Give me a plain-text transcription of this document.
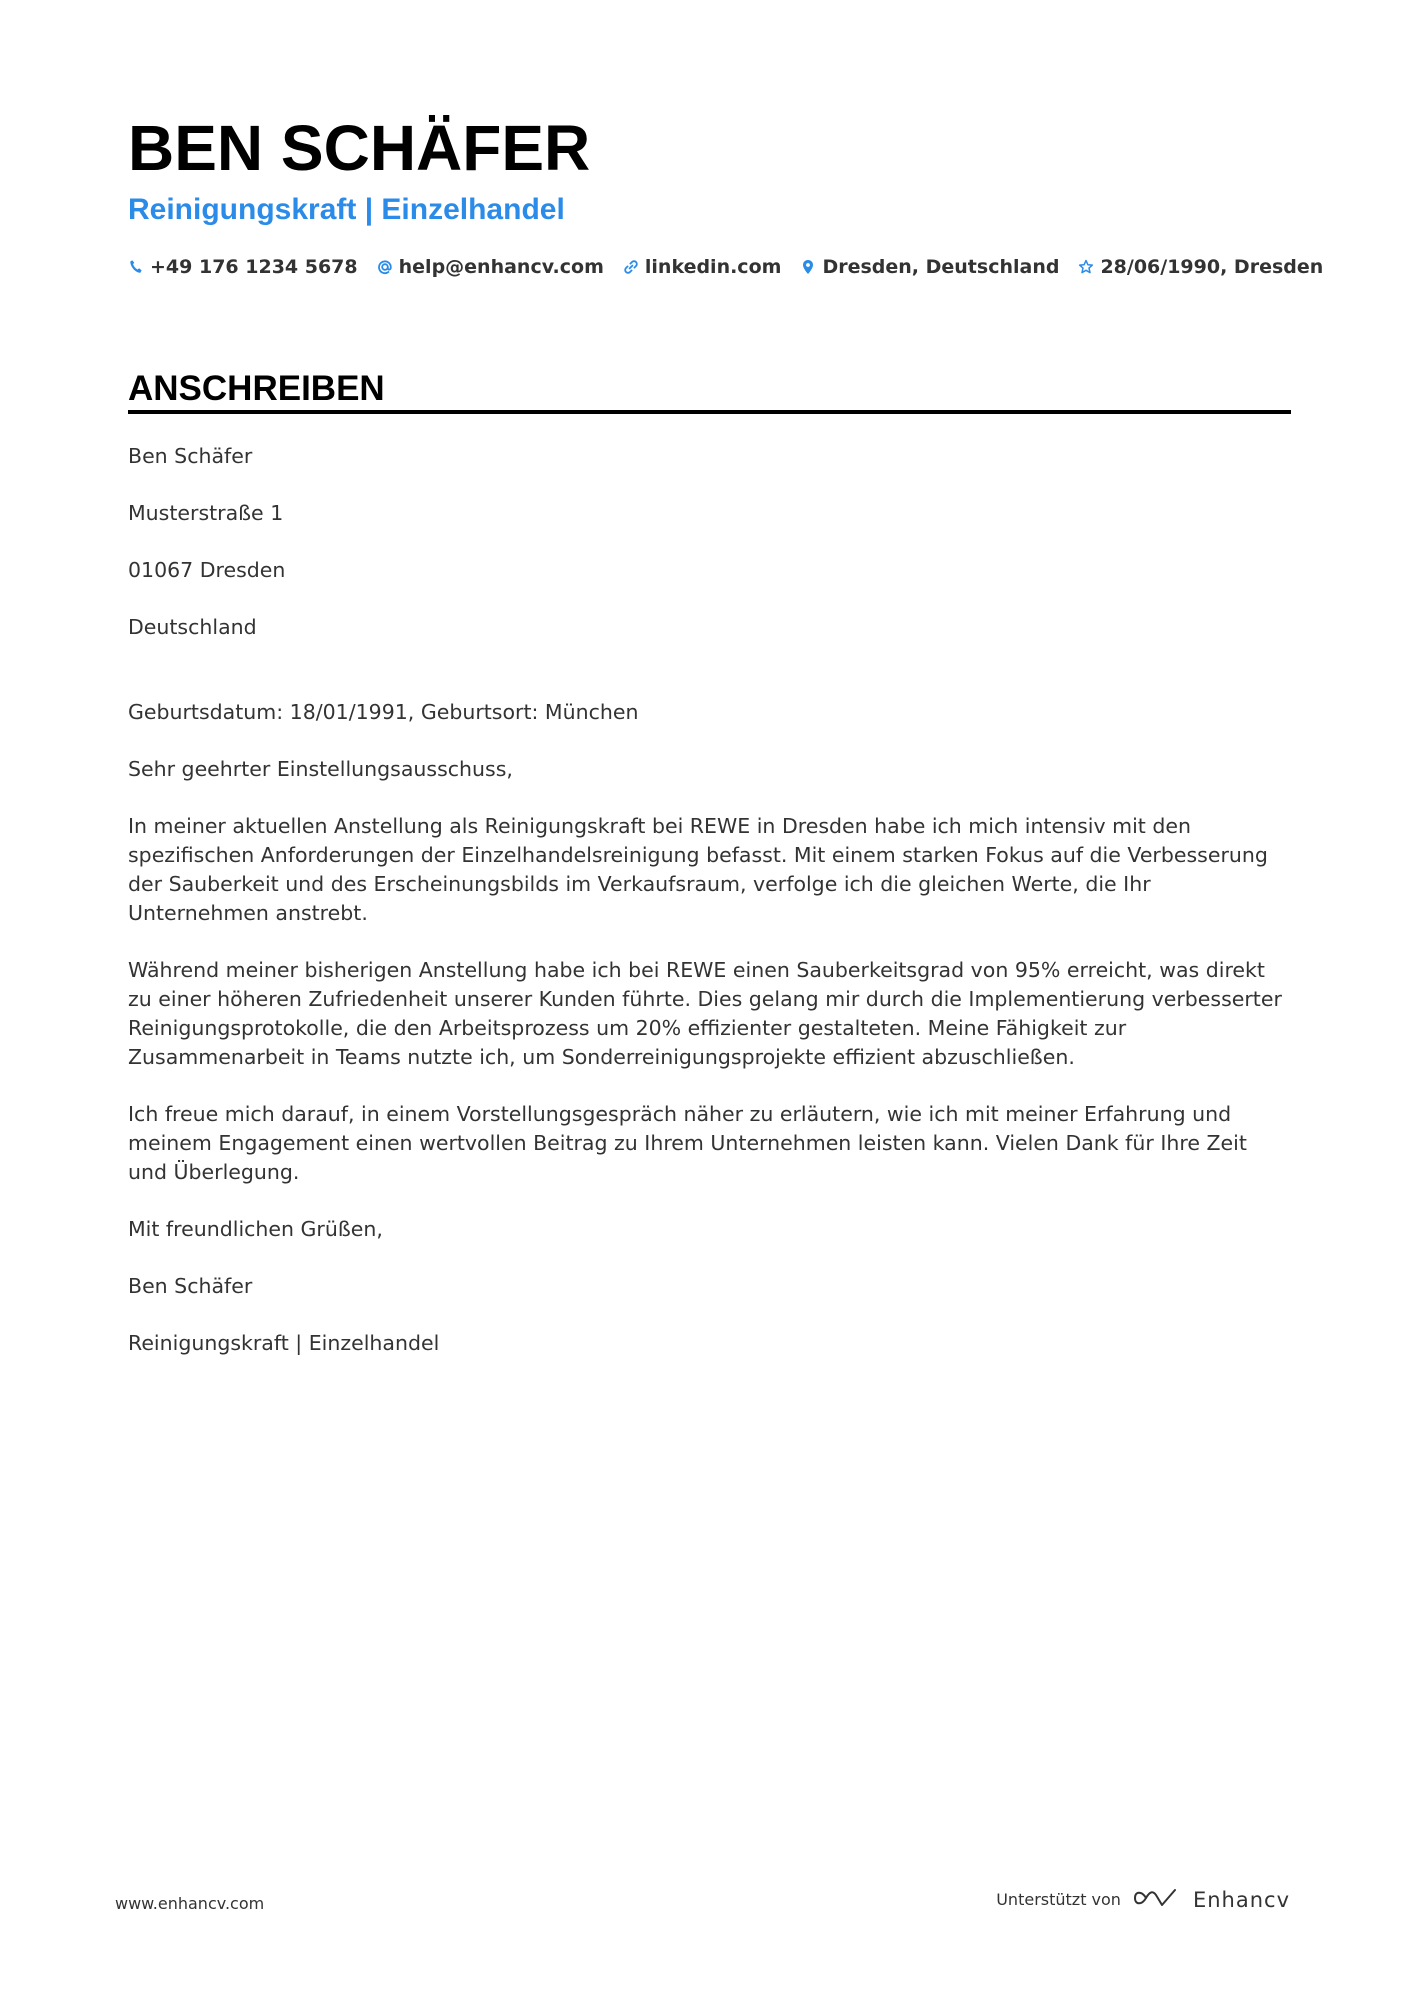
BEN SCHÄFER
Reinigungskraft | Einzelhandel
+49 176 1234 5678 help@enhancv.com linkedin.com Dresden, Deutschland 28/06/1990, Dresden
ANSCHREIBEN

Ben Schäfer

Musterstraße 1

01067 Dresden

Deutschland

Geburtsdatum: 18/01/1991, Geburtsort: München

Sehr geehrter Einstellungsausschuss,

In meiner aktuellen Anstellung als Reinigungskraft bei REWE in Dresden habe ich mich intensiv mit den spezifischen Anforderungen der Einzelhandelsreinigung befasst. Mit einem starken Fokus auf die Verbesserung der Sauberkeit und des Erscheinungsbilds im Verkaufsraum, verfolge ich die gleichen Werte, die Ihr Unternehmen anstrebt.

Während meiner bisherigen Anstellung habe ich bei REWE einen Sauberkeitsgrad von 95% erreicht, was direkt zu einer höheren Zufriedenheit unserer Kunden führte. Dies gelang mir durch die Implementierung verbesserter Reinigungsprotokolle, die den Arbeitsprozess um 20% effizienter gestalteten. Meine Fähigkeit zur Zusammenarbeit in Teams nutzte ich, um Sonderreinigungsprojekte effizient abzuschließen.

Ich freue mich darauf, in einem Vorstellungsgespräch näher zu erläutern, wie ich mit meiner Erfahrung und meinem Engagement einen wertvollen Beitrag zu Ihrem Unternehmen leisten kann. Vielen Dank für Ihre Zeit und Überlegung.

Mit freundlichen Grüßen,

Ben Schäfer

Reinigungskraft | Einzelhandel

www.enhancv.com	Unterstützt von	Enhancv
